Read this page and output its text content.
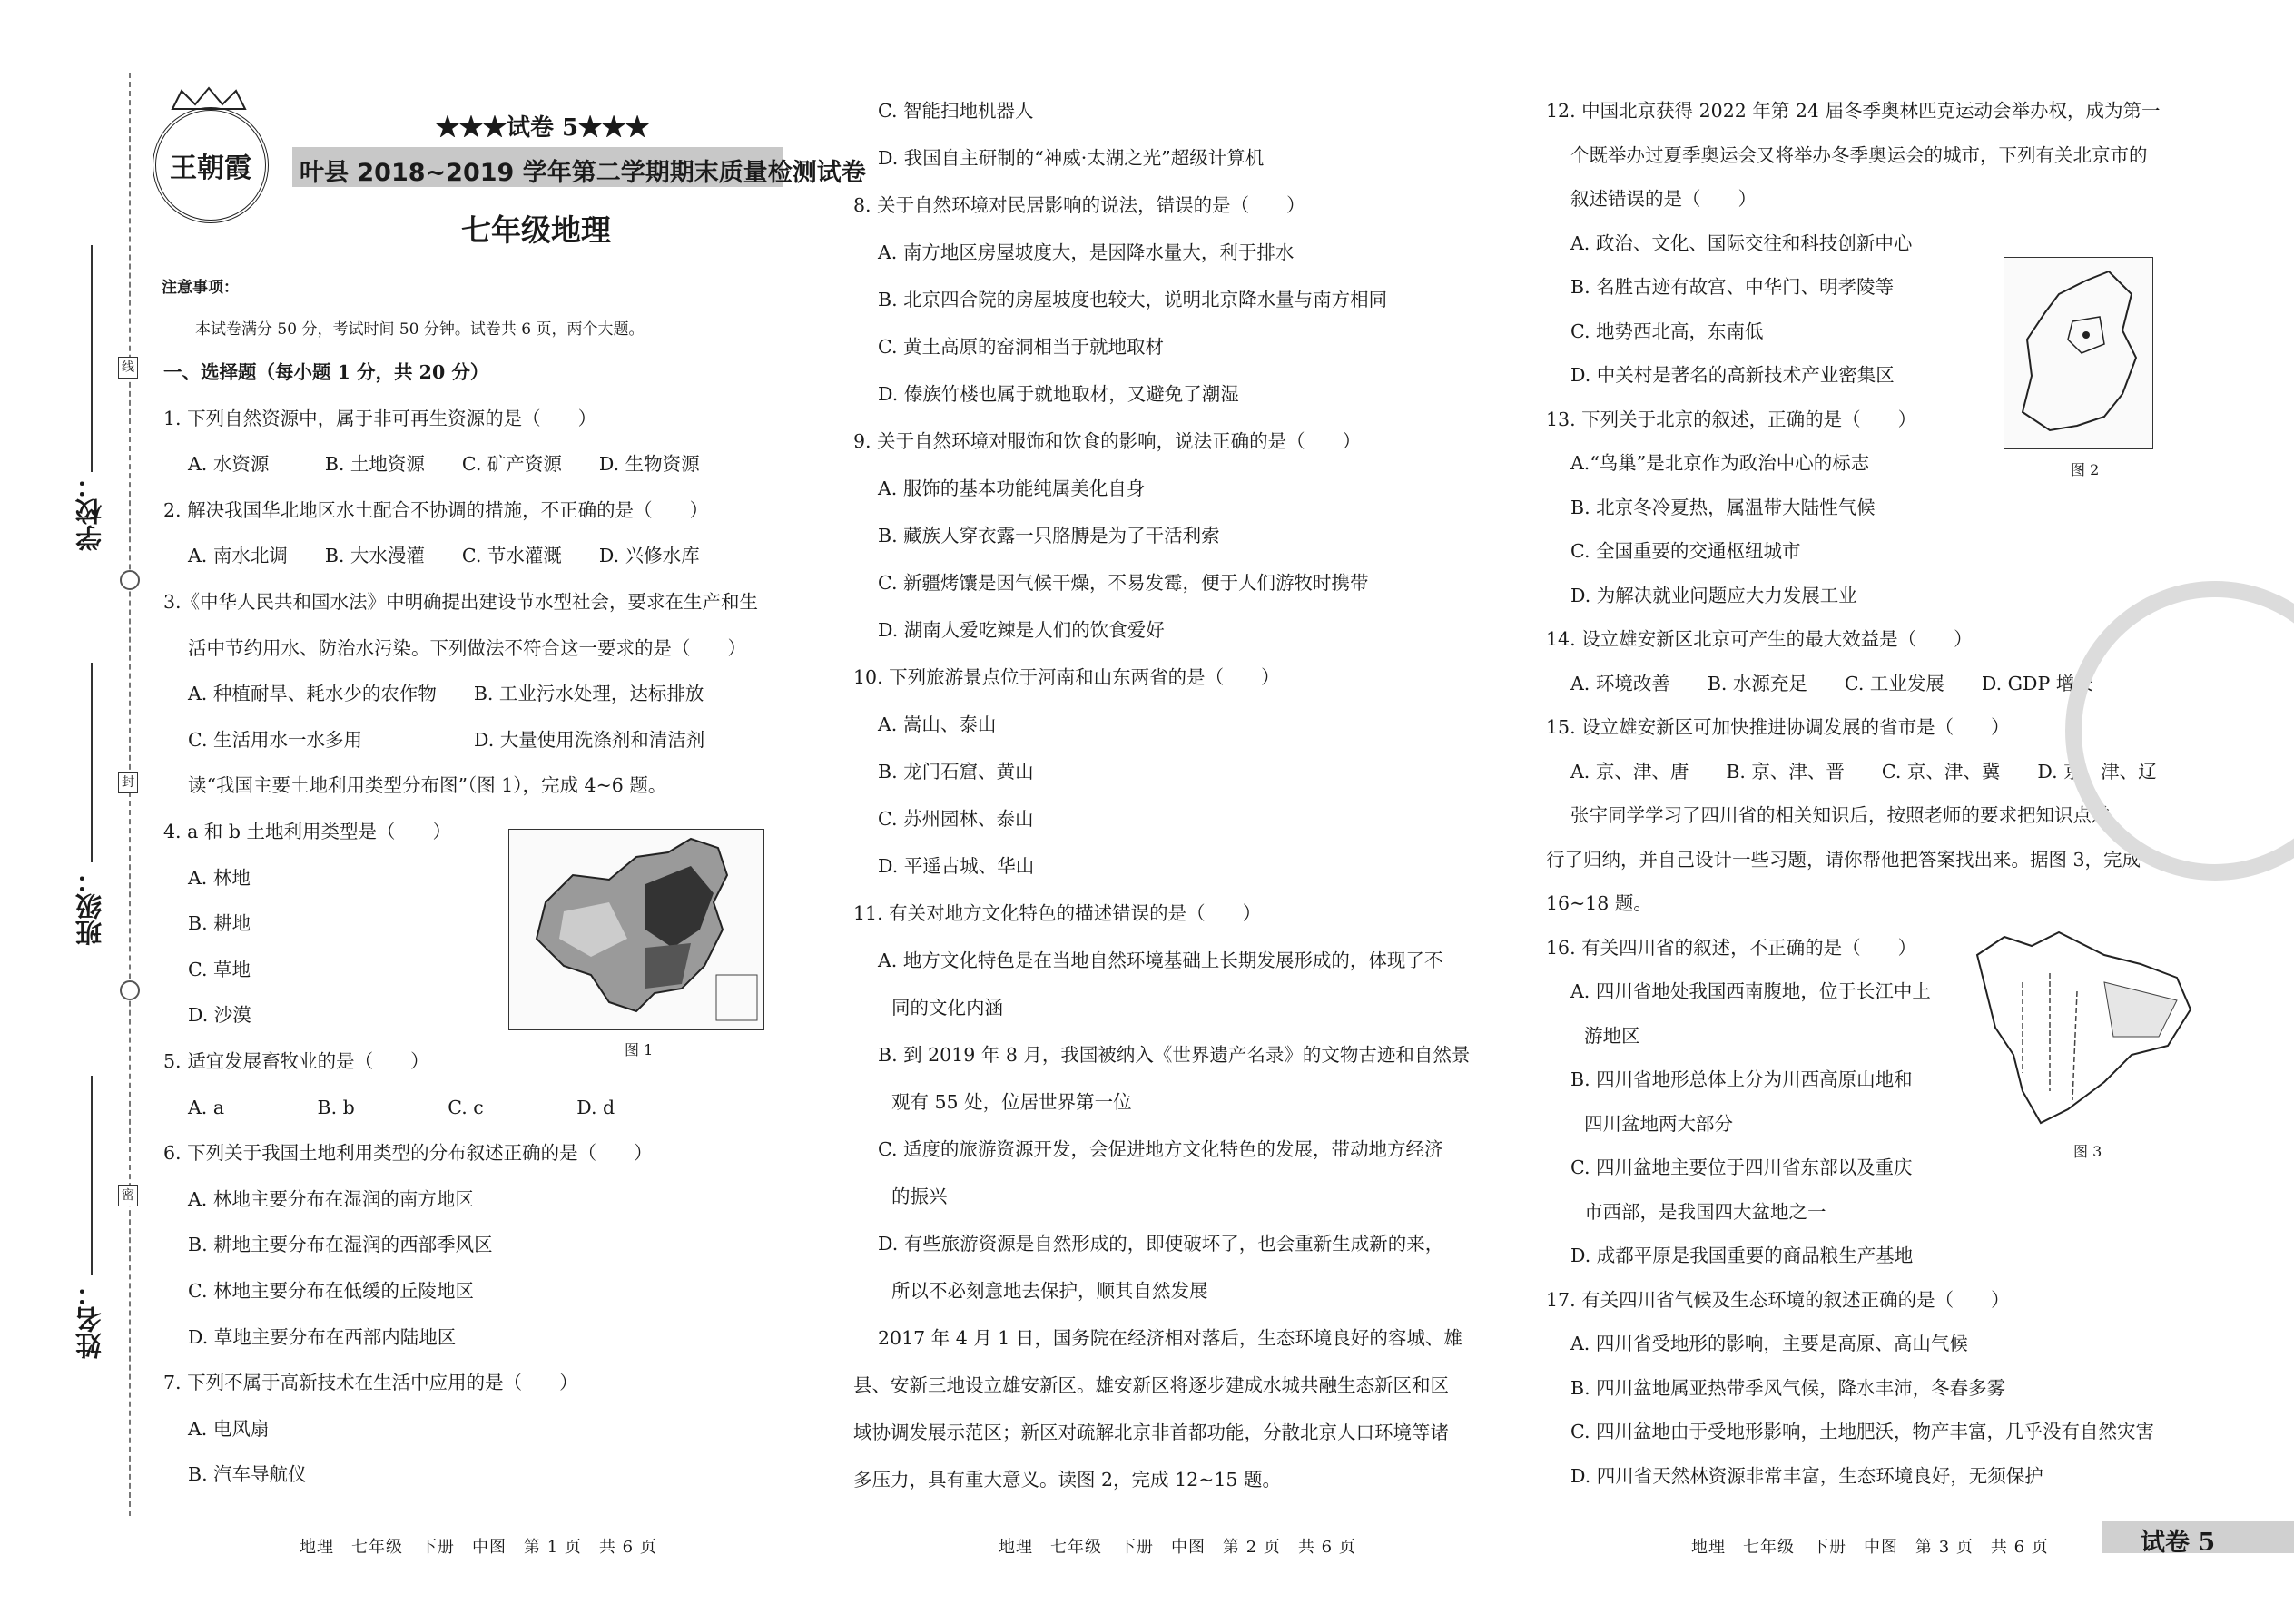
学校：
线
班级：
封
姓名：
密
王朝霞
★★★试卷 5★★★
叶县 2018~2019 学年第二学期期末质量检测试卷
七年级地理
注意事项：
本试卷满分 50 分，考试时间 50 分钟。试卷共 6 页，两个大题。
一、选择题（每小题 1 分，共 20 分）
1. 下列自然资源中，属于非可再生资源的是（　　）
A. 水资源　　　B. 土地资源　　C. 矿产资源　　D. 生物资源
2. 解决我国华北地区水土配合不协调的措施，不正确的是（　　）
A. 南水北调　　B. 大水漫灌　　C. 节水灌溉　　D. 兴修水库
3.《中华人民共和国水法》中明确提出建设节水型社会，要求在生产和生
活中节约用水、防治水污染。下列做法不符合这一要求的是（　　）
A. 种植耐旱、耗水少的农作物　　B. 工业污水处理，达标排放
C. 生活用水一水多用　　　　　　D. 大量使用洗涤剂和清洁剂
读“我国主要土地利用类型分布图”（图 1），完成 4~6 题。
4. a 和 b 土地利用类型是（　　）
A. 林地
B. 耕地
C. 草地
D. 沙漠
5. 适宜发展畜牧业的是（　　）
A. a　　　　　B. b　　　　　C. c　　　　　D. d
6. 下列关于我国土地利用类型的分布叙述正确的是（　　）
A. 林地主要分布在湿润的南方地区
B. 耕地主要分布在湿润的西部季风区
C. 林地主要分布在低缓的丘陵地区
D. 草地主要分布在西部内陆地区
7. 下列不属于高新技术在生活中应用的是（　　）
A. 电风扇
B. 汽车导航仪
图 1
C. 智能扫地机器人
D. 我国自主研制的“神威·太湖之光”超级计算机
8. 关于自然环境对民居影响的说法，错误的是（　　）
A. 南方地区房屋坡度大，是因降水量大，利于排水
B. 北京四合院的房屋坡度也较大，说明北京降水量与南方相同
C. 黄土高原的窑洞相当于就地取材
D. 傣族竹楼也属于就地取材，又避免了潮湿
9. 关于自然环境对服饰和饮食的影响，说法正确的是（　　）
A. 服饰的基本功能纯属美化自身
B. 藏族人穿衣露一只胳膊是为了干活利索
C. 新疆烤馕是因气候干燥，不易发霉，便于人们游牧时携带
D. 湖南人爱吃辣是人们的饮食爱好
10. 下列旅游景点位于河南和山东两省的是（　　）
A. 嵩山、泰山
B. 龙门石窟、黄山
C. 苏州园林、泰山
D. 平遥古城、华山
11. 有关对地方文化特色的描述错误的是（　　）
A. 地方文化特色是在当地自然环境基础上长期发展形成的，体现了不
同的文化内涵
B. 到 2019 年 8 月，我国被纳入《世界遗产名录》的文物古迹和自然景
观有 55 处，位居世界第一位
C. 适度的旅游资源开发，会促进地方文化特色的发展，带动地方经济
的振兴
D. 有些旅游资源是自然形成的，即使破坏了，也会重新生成新的来，
所以不必刻意地去保护，顺其自然发展
2017 年 4 月 1 日，国务院在经济相对落后，生态环境良好的容城、雄
县、安新三地设立雄安新区。雄安新区将逐步建成水城共融生态新区和区
域协调发展示范区；新区对疏解北京非首都功能，分散北京人口环境等诸
多压力，具有重大意义。读图 2，完成 12~15 题。
12. 中国北京获得 2022 年第 24 届冬季奥林匹克运动会举办权，成为第一
个既举办过夏季奥运会又将举办冬季奥运会的城市，下列有关北京市的
叙述错误的是（　　）
A. 政治、文化、国际交往和科技创新中心
B. 名胜古迹有故宫、中华门、明孝陵等
C. 地势西北高，东南低
D. 中关村是著名的高新技术产业密集区
13. 下列关于北京的叙述，正确的是（　　）
A.“鸟巢”是北京作为政治中心的标志
B. 北京冬冷夏热，属温带大陆性气候
C. 全国重要的交通枢纽城市
D. 为解决就业问题应大力发展工业
14. 设立雄安新区北京可产生的最大效益是（　　）
A. 环境改善　　B. 水源充足　　C. 工业发展　　D. GDP 增长
15. 设立雄安新区可加快推进协调发展的省市是（　　）
A. 京、津、唐　　B. 京、津、晋　　C. 京、津、冀　　D. 京、津、辽
张宇同学学习了四川省的相关知识后，按照老师的要求把知识点进
行了归纳，并自己设计一些习题，请你帮他把答案找出来。据图 3，完成
16~18 题。
16. 有关四川省的叙述，不正确的是（　　）
A. 四川省地处我国西南腹地，位于长江中上
游地区
B. 四川省地形总体上分为川西高原山地和
四川盆地两大部分
C. 四川盆地主要位于四川省东部以及重庆
市西部，是我国四大盆地之一
D. 成都平原是我国重要的商品粮生产基地
17. 有关四川省气候及生态环境的叙述正确的是（　　）
A. 四川省受地形的影响，主要是高原、高山气候
B. 四川盆地属亚热带季风气候，降水丰沛，冬春多雾
C. 四川盆地由于受地形影响，土地肥沃，物产丰富，几乎没有自然灾害
D. 四川省天然林资源非常丰富，生态环境良好，无须保护
图 2
图 3
地理　七年级　下册　中图　第 1 页　共 6 页	地理　七年级　下册　中图　第 2 页　共 6 页	地理　七年级　下册　中图　第 3 页　共 6 页	试卷 5
